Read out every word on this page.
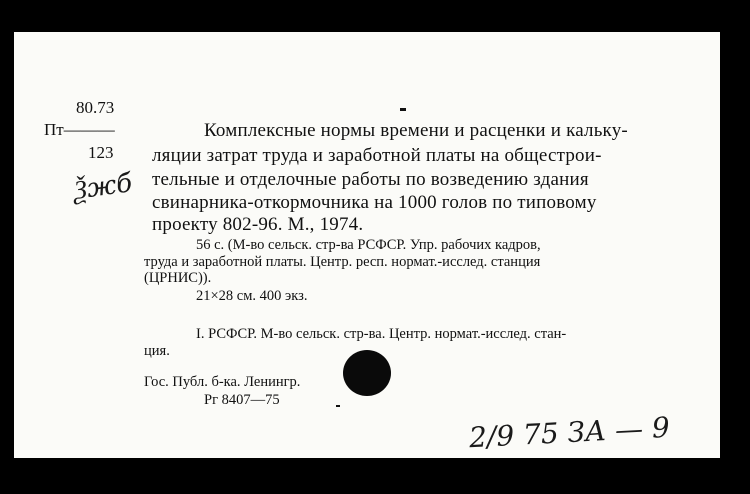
80.73
Пт———
123
Ѯжб
Комплексные нормы времени и расценки и кальку-
ляции затрат труда и заработной платы на общестрои-
тельные и отделочные работы по возведению здания
свинарника-откормочника на 1000 голов по типовому
проекту 802-96. М., 1974.
56 с. (М-во сельск. стр-ва РСФСР. Упр. рабочих кадров,
труда и заработной платы. Центр. респ. нормат.-исслед. станция
(ЦРНИС)).
21×28 см. 400 экз.
I. РСФСР. М-во сельск. стр-ва. Центр. нормат.-исслед. стан-
ция.
Гос. Публ. б-ка. Ленингр.
Рг 8407—75
2/9 75 ЗА — 9
